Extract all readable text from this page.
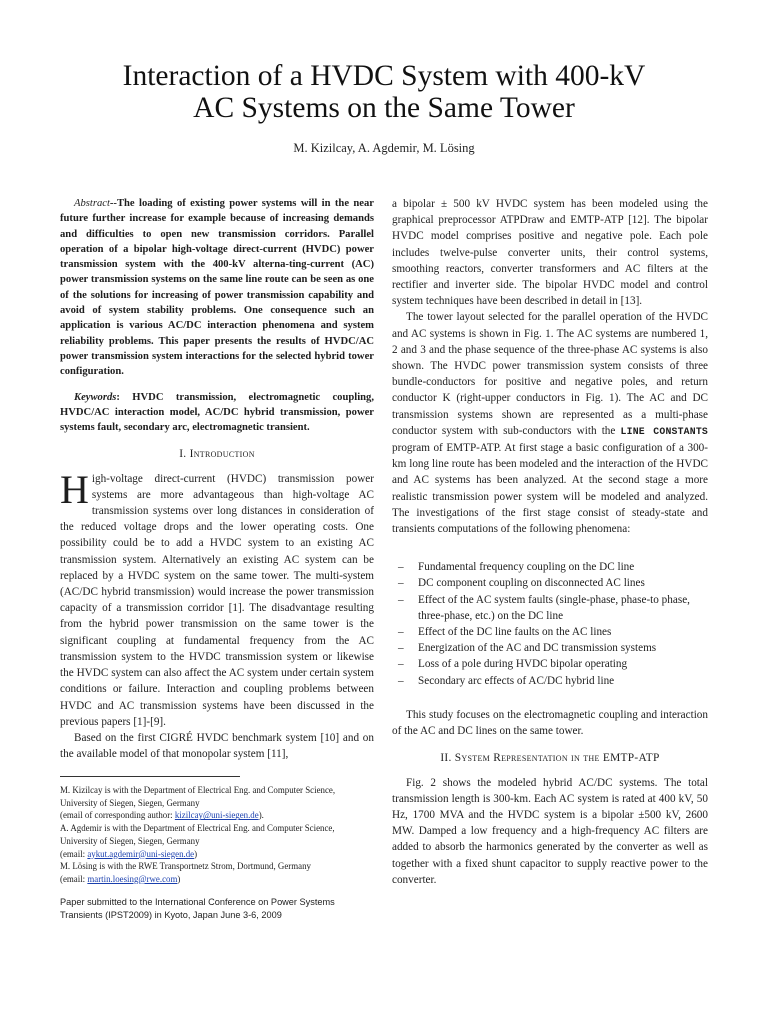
Interaction of a HVDC System with 400-kV
AC Systems on the Same Tower
M. Kizilcay, A. Agdemir, M. Lösing

Abstract--The loading of existing power systems will in the near future further increase for example because of increasing demands and difficulties to open new transmission corridors. Parallel operation of a bipolar high-voltage direct-current (HVDC) power transmission system with the 400-kV alterna-ting-current (AC) power transmission systems on the same line route can be seen as one of the solutions for increasing of power transmission capability and avoid of system stability problems. One consequence such an application is various AC/DC interaction phenomena and system reliability problems. This paper presents the results of HVDC/AC power transmission system interactions for the selected hybrid tower configuration.

Keywords: HVDC transmission, electromagnetic coupling, HVDC/AC interaction model, AC/DC hybrid transmission, power systems fault, secondary arc, electromagnetic transient.

I. Introduction

High-voltage direct-current (HVDC) transmission power systems are more advantageous than high-voltage AC transmission systems over long distances in consideration of the reduced voltage drops and the lower operating costs. One possibility could be to add a HVDC system to an existing AC transmission system. Alternatively an existing AC system can be replaced by a HVDC system on the same tower. The multi-system (AC/DC hybrid transmission) would increase the power transmission capacity of a transmission corridor [1]. The disadvantage resulting from the hybrid power transmission on the same tower is the significant coupling at fundamental frequency from the AC transmission system to the HVDC transmission system or likewise the HVDC system can also affect the AC system under certain system conditions or failure. Interaction and coupling problems between HVDC and AC transmission systems have been discussed in the previous papers [1]-[9].

Based on the first CIGRÉ HVDC benchmark system [10] and on the available model of that monopolar system [11],

M. Kizilcay is with the Department of Electrical Eng. and Computer Science,
University of Siegen, Siegen, Germany
(email of corresponding author: kizilcay@uni-siegen.de).
A. Agdemir is with the Department of Electrical Eng. and Computer Science,
University of Siegen, Siegen, Germany
(email: aykut.agdemir@uni-siegen.de)
M. Lösing is with the RWE Transportnetz Strom, Dortmund, Germany
(email: martin.loesing@rwe.com)
Paper submitted to the International Conference on Power Systems
Transients (IPST2009) in Kyoto, Japan June 3-6, 2009

a bipolar ± 500 kV HVDC system has been modeled using the graphical preprocessor ATPDraw and EMTP-ATP [12]. The bipolar HVDC model comprises positive and negative pole. Each pole includes twelve-pulse converter units, their control systems, smoothing reactors, converter transformers and AC filters at the rectifier and inverter side. The bipolar HVDC model and control system techniques have been described in detail in [13].

The tower layout selected for the parallel operation of the HVDC and AC systems is shown in Fig. 1. The AC systems are numbered 1, 2 and 3 and the phase sequence of the three-phase AC systems is also shown. The HVDC power transmission system consists of three bundle-conductors for positive and negative poles, and return conductor K (right-upper conductors in Fig. 1). The AC and DC transmission systems shown are represented as a multi-phase conductor system with sub-conductors with the LINE CONSTANTS program of EMTP-ATP. At first stage a basic configuration of a 300-km long line route has been modeled and the interaction of the HVDC and AC systems has been analyzed. At the second stage a more realistic transmission power system will be modeled and analyzed. The investigations of the first stage consist of steady-state and transients computations of the following phenomena:

– Fundamental frequency coupling on the DC line
– DC component coupling on disconnected AC lines
– Effect of the AC system faults (single-phase, phase-to phase, three-phase, etc.) on the DC line
– Effect of the DC line faults on the AC lines
– Energization of the AC and DC transmission systems
– Loss of a pole during HVDC bipolar operating
– Secondary arc effects of AC/DC hybrid line

This study focuses on the electromagnetic coupling and interaction of the AC and DC lines on the same tower.

II. System Representation in the EMTP-ATP

Fig. 2 shows the modeled hybrid AC/DC systems. The total transmission length is 300-km. Each AC system is rated at 400 kV, 50 Hz, 1700 MVA and the HVDC system is a bipolar ±500 kV, 2600 MW. Damped a low frequency and a high-frequency AC filters are added to absorb the harmonics generated by the converter as well as together with a fixed shunt capacitor to supply reactive power to the converter.
